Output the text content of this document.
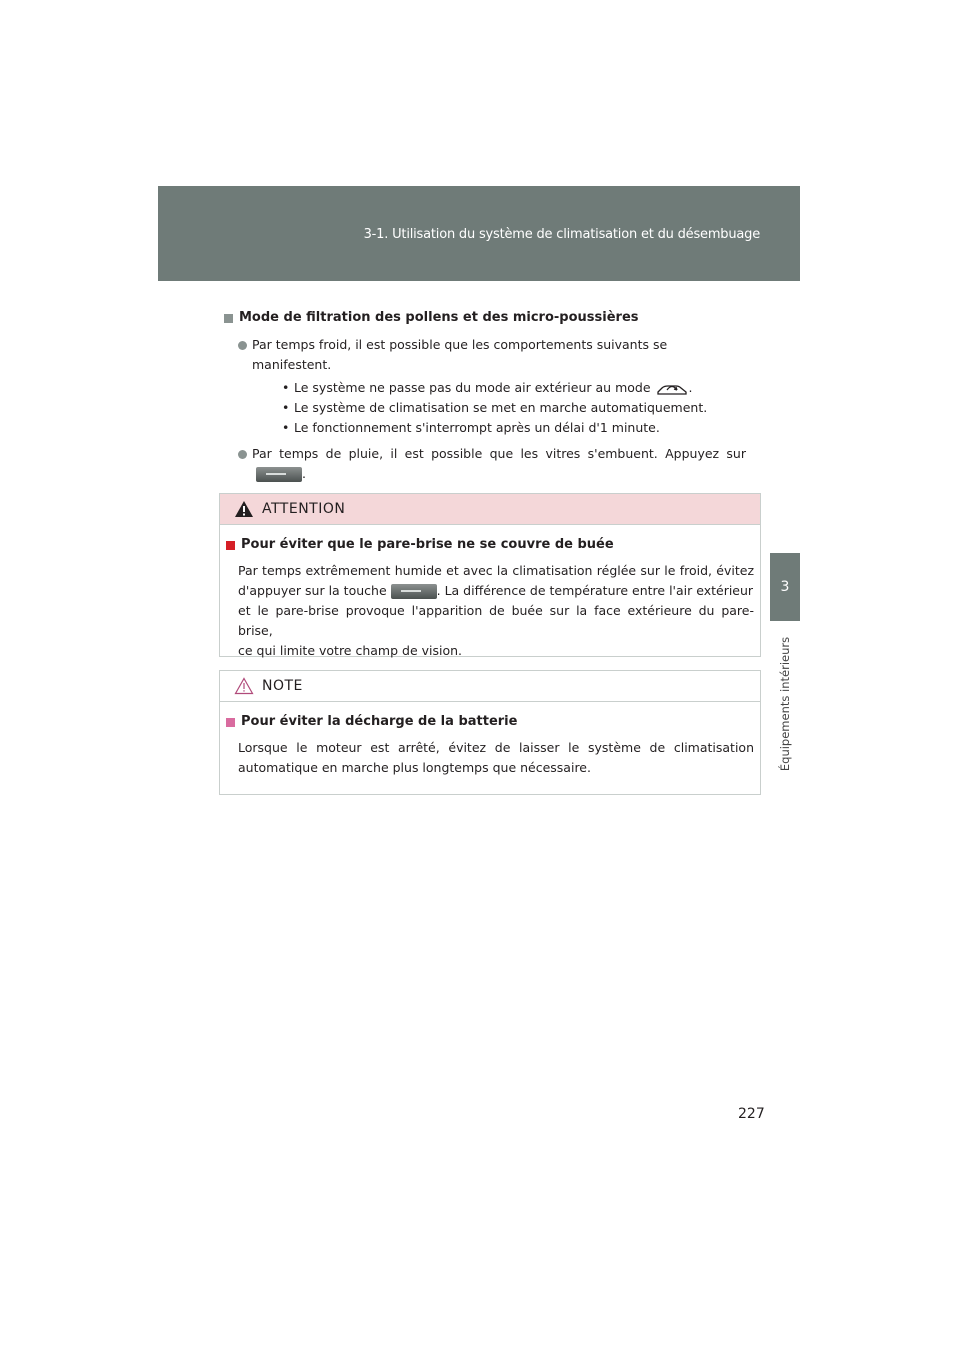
3-1. Utilisation du système de climatisation et du désembuage
3
Équipements intérieurs
Mode de filtration des pollens et des micro-poussières
Par temps froid, il est possible que les comportements suivants se manifestent.
• Le système ne passe pas du mode air extérieur au mode	.
• Le système de climatisation se met en marche automatiquement.
• Le fonctionnement s'interrompt après un délai d'1 minute.
Par temps de pluie, il est possible que les vitres s'embuent. Appuyez sur
.
ATTENTION
Pour éviter que le pare-brise ne se couvre de buée
Par temps extrêmement humide et avec la climatisation réglée sur le froid, évitez
d'appuyer sur la touche	. La différence de température entre l'air extérieur
et le pare-brise provoque l'apparition de buée sur la face extérieure du pare-brise,
ce qui limite votre champ de vision.
NOTE
Pour éviter la décharge de la batterie
Lorsque le moteur est arrêté, évitez de laisser le système de climatisation automatique en marche plus longtemps que nécessaire.
227
